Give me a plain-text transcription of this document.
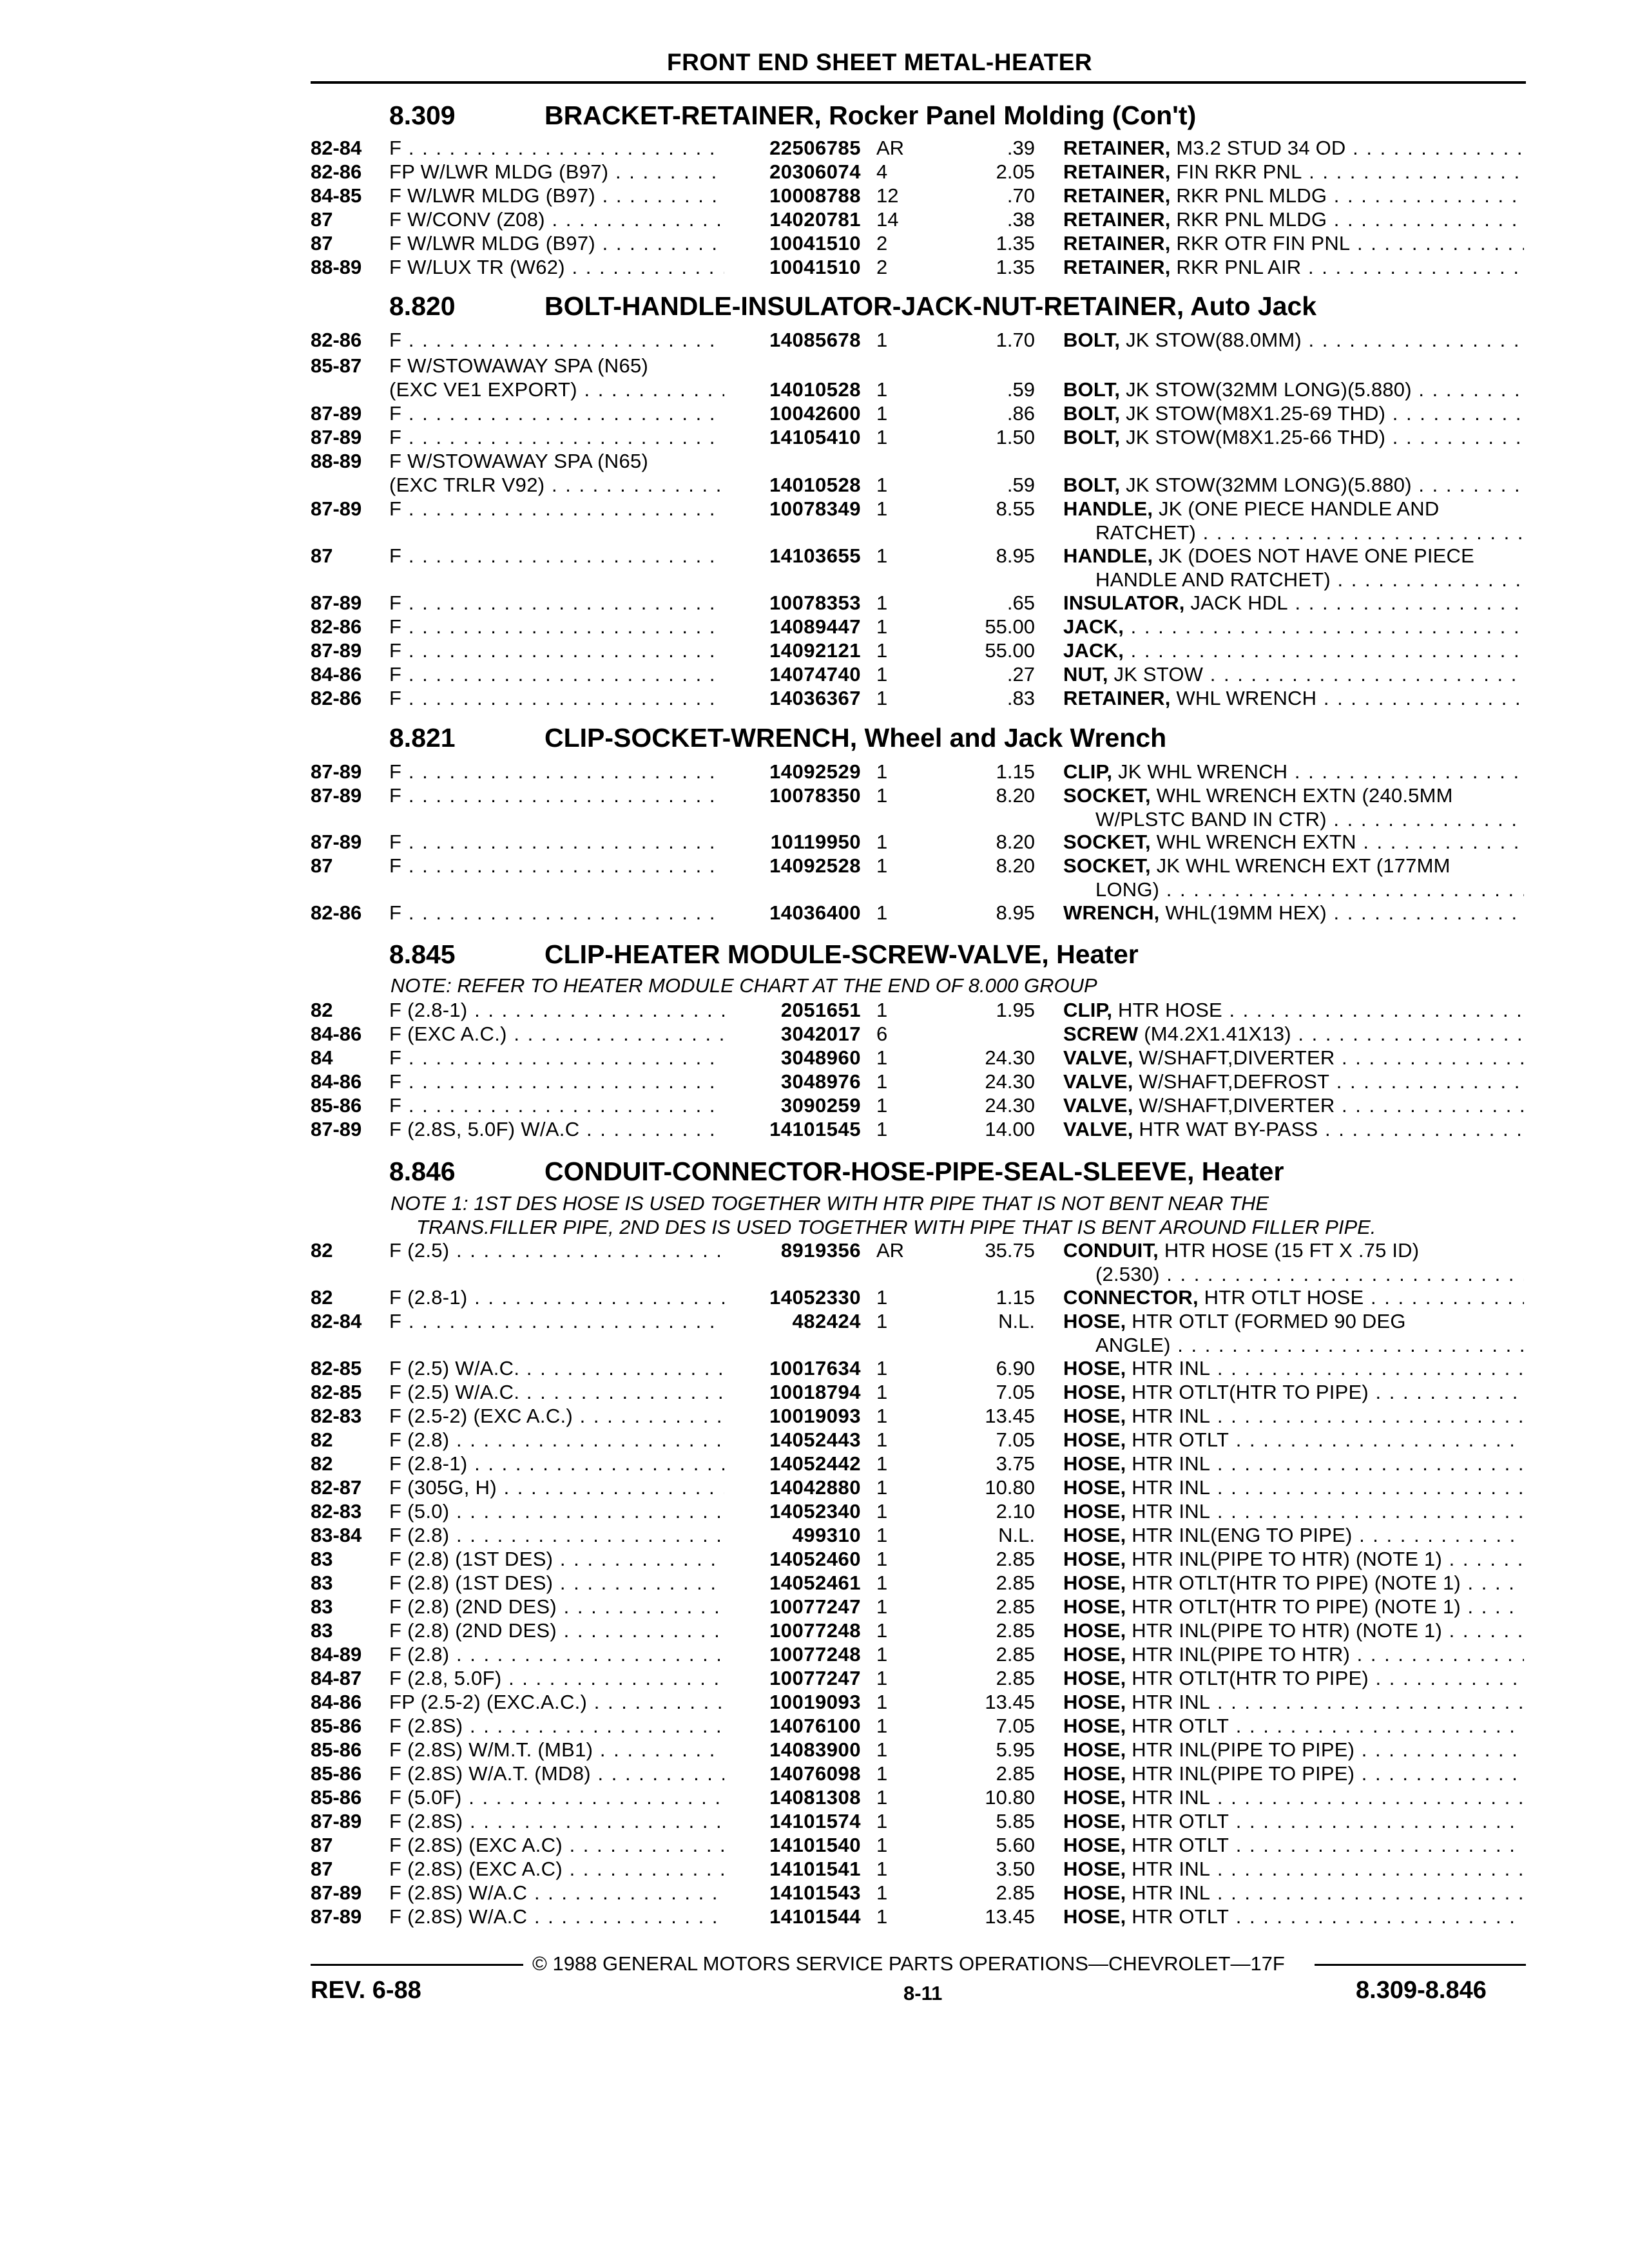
FRONT END SHEET METAL-HEATER
8.309	BRACKET-RETAINER, Rocker Panel Molding (Con't)
8.820	BOLT-HANDLE-INSULATOR-JACK-NUT-RETAINER, Auto Jack
8.821	CLIP-SOCKET-WRENCH, Wheel and Jack Wrench
8.845	CLIP-HEATER MODULE-SCREW-VALVE, Heater
NOTE: REFER TO HEATER MODULE CHART AT THE END OF 8.000 GROUP
8.846	CONDUIT-CONNECTOR-HOSE-PIPE-SEAL-SLEEVE, Heater
NOTE 1: 1ST DES HOSE IS USED TOGETHER WITH HTR PIPE THAT IS NOT BENT NEAR THE
TRANS.FILLER PIPE, 2ND DES IS USED TOGETHER WITH PIPE THAT IS BENT AROUND FILLER PIPE.
82-84 F . . .	22506785 AR	.39 RETAINER, M3.2 STUD 34 OD . . .
82-86 FP W/LWR MLDG (B97) . . .	20306074 4	2.05 RETAINER, FIN RKR PNL . . .
84-85 F W/LWR MLDG (B97) . . .	10008788 12	.70 RETAINER, RKR PNL MLDG . . .
87	F W/CONV (Z08) . . .	14020781 14	.38 RETAINER, RKR PNL MLDG . . .
87	F W/LWR MLDG (B97) . . .	10041510 2	1.35 RETAINER, RKR OTR FIN PNL . . .
88-89 F W/LUX TR (W62) . . .	10041510 2	1.35 RETAINER, RKR PNL AIR . . .
82-86 F . . .	14085678 1	1.70 BOLT, JK STOW(88.0MM) . . .
85-87 F W/STOWAWAY SPA (N65)
(EXC VE1 EXPORT) . . .	14010528 1	.59 BOLT, JK STOW(32MM LONG)(5.880) . . .
87-89 F . . .	10042600 1	.86 BOLT, JK STOW(M8X1.25-69 THD) . . .
87-89 F . . .	14105410 1	1.50 BOLT, JK STOW(M8X1.25-66 THD) . . .
88-89 F W/STOWAWAY SPA (N65)
(EXC TRLR V92) . . .	14010528 1	.59 BOLT, JK STOW(32MM LONG)(5.880) . . .
87-89 F . . .	10078349 1	8.55 HANDLE, JK (ONE PIECE HANDLE AND
RATCHET) . . .
87	F . . .	14103655 1	8.95 HANDLE, JK (DOES NOT HAVE ONE PIECE
HANDLE AND RATCHET) . . .
87-89 F . . .	10078353 1	.65 INSULATOR, JACK HDL . . .
82-86 F . . .	14089447 1	55.00 JACK, . . .
87-89 F . . .	14092121 1	55.00 JACK, . . .
84-86 F . . .	14074740 1	.27 NUT, JK STOW . . .
82-86 F . . .	14036367 1	.83 RETAINER, WHL WRENCH . . .
87-89 F . . .	14092529 1	1.15 CLIP, JK WHL WRENCH . . .
87-89 F . . .	10078350 1	8.20 SOCKET, WHL WRENCH EXTN (240.5MM
W/PLSTC BAND IN CTR) . . .
87-89 F . . .	10119950 1	8.20 SOCKET, WHL WRENCH EXTN . . .
87	F . . .	14092528 1	8.20 SOCKET, JK WHL WRENCH EXT (177MM
LONG) . . .
82-86 F . . .	14036400 1	8.95 WRENCH, WHL(19MM HEX) . . .
82	F (2.8-1) . . .	2051651 1	1.95 CLIP, HTR HOSE . . .
84-86 F (EXC A.C.) . . .	3042017 6	SCREW (M4.2X1.41X13) . . .
84	F . . .	3048960 1	24.30 VALVE, W/SHAFT,DIVERTER . . .
84-86 F . . .	3048976 1	24.30 VALVE, W/SHAFT,DEFROST . . .
85-86 F . . .	3090259 1	24.30 VALVE, W/SHAFT,DIVERTER . . .
87-89 F (2.8S, 5.0F) W/A.C . . .	14101545 1	14.00 VALVE, HTR WAT BY-PASS . . .
82	F (2.5) . . .	8919356 AR	35.75 CONDUIT, HTR HOSE (15 FT X .75 ID)
(2.530) . . .
82	F (2.8-1) . . .	14052330 1	1.15 CONNECTOR, HTR OTLT HOSE . . .
82-84 F . . .	482424 1	N.L. HOSE, HTR OTLT (FORMED 90 DEG
ANGLE) . . .
82-85 F (2.5) W/A.C. . . .	10017634 1	6.90 HOSE, HTR INL . . .
82-85 F (2.5) W/A.C. . . .	10018794 1	7.05 HOSE, HTR OTLT(HTR TO PIPE) . . .
82-83 F (2.5-2) (EXC A.C.) . . .	10019093 1	13.45 HOSE, HTR INL . . .
82	F (2.8) . . .	14052443 1	7.05 HOSE, HTR OTLT . . .
82	F (2.8-1) . . .	14052442 1	3.75 HOSE, HTR INL . . .
82-87 F (305G, H) . . .	14042880 1	10.80 HOSE, HTR INL . . .
82-83 F (5.0) . . .	14052340 1	2.10 HOSE, HTR INL . . .
83-84 F (2.8) . . .	499310 1	N.L. HOSE, HTR INL(ENG TO PIPE) . . .
83	F (2.8) (1ST DES) . . .	14052460 1	2.85 HOSE, HTR INL(PIPE TO HTR) (NOTE 1) . . .
83	F (2.8) (1ST DES) . . .	14052461 1	2.85 HOSE, HTR OTLT(HTR TO PIPE) (NOTE 1) . . .
83	F (2.8) (2ND DES) . . .	10077247 1	2.85 HOSE, HTR OTLT(HTR TO PIPE) (NOTE 1) . . .
83	F (2.8) (2ND DES) . . .	10077248 1	2.85 HOSE, HTR INL(PIPE TO HTR) (NOTE 1) . . .
84-89 F (2.8) . . .	10077248 1	2.85 HOSE, HTR INL(PIPE TO HTR) . . .
84-87 F (2.8, 5.0F) . . .	10077247 1	2.85 HOSE, HTR OTLT(HTR TO PIPE) . . .
84-86 FP (2.5-2) (EXC.A.C.) . . .	10019093 1	13.45 HOSE, HTR INL . . .
85-86 F (2.8S) . . .	14076100 1	7.05 HOSE, HTR OTLT . . .
85-86 F (2.8S) W/M.T. (MB1) . . .	14083900 1	5.95 HOSE, HTR INL(PIPE TO PIPE) . . .
85-86 F (2.8S) W/A.T. (MD8) . . .	14076098 1	2.85 HOSE, HTR INL(PIPE TO PIPE) . . .
85-86 F (5.0F) . . .	14081308 1	10.80 HOSE, HTR INL . . .
87-89 F (2.8S) . . .	14101574 1	5.85 HOSE, HTR OTLT . . .
87	F (2.8S) (EXC A.C) . . .	14101540 1	5.60 HOSE, HTR OTLT . . .
87	F (2.8S) (EXC A.C) . . .	14101541 1	3.50 HOSE, HTR INL . . .
87-89 F (2.8S) W/A.C . . .	14101543 1	2.85 HOSE, HTR INL . . .
87-89 F (2.8S) W/A.C . . .	14101544 1	13.45 HOSE, HTR OTLT . . .
© 1988 GENERAL MOTORS SERVICE PARTS OPERATIONS—CHEVROLET—17F
REV. 6-88	8-11	8.309-8.846
